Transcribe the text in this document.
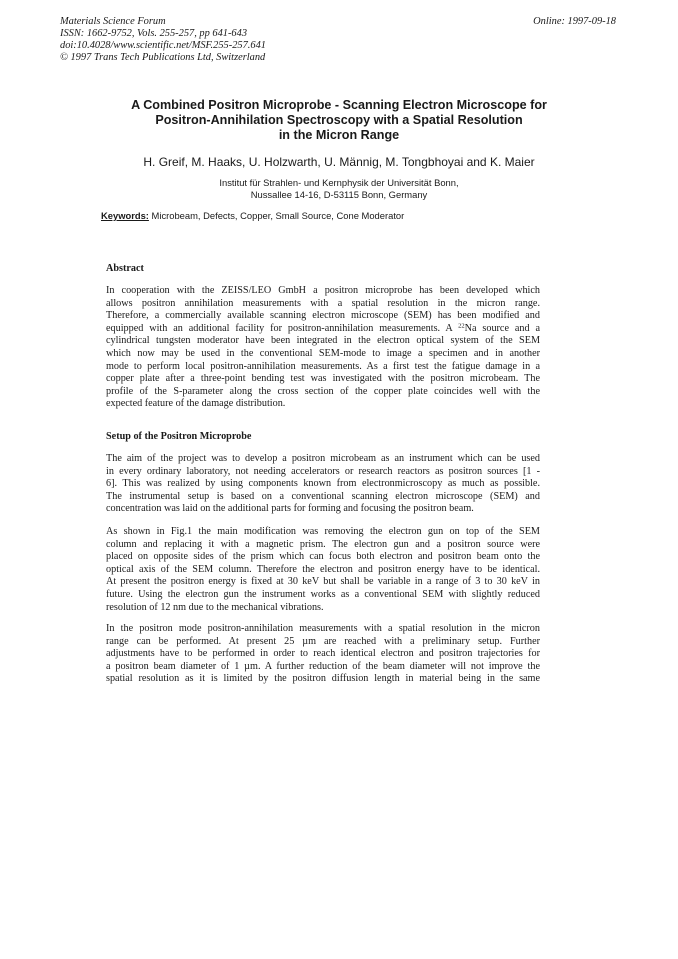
Materials Science Forum
ISSN: 1662-9752, Vols. 255-257, pp 641-643
doi:10.4028/www.scientific.net/MSF.255-257.641
© 1997 Trans Tech Publications Ltd, Switzerland
Online: 1997-09-18
A Combined Positron Microprobe - Scanning Electron Microscope for
Positron-Annihilation Spectroscopy with a Spatial Resolution
in the Micron Range
H. Greif, M. Haaks, U. Holzwarth, U. Männig, M. Tongbhoyai and K. Maier
Institut für Strahlen- und Kernphysik der Universität Bonn,
Nussallee 14-16, D-53115 Bonn, Germany
Keywords: Microbeam, Defects, Copper, Small Source, Cone Moderator
Abstract
In cooperation with the ZEISS/LEO GmbH a positron microprobe has been developed which
allows positron annihilation measurements with a spatial resolution in the micron range.
Therefore, a commercially available scanning electron microscope (SEM) has been modified and
equipped with an additional facility for positron-annihilation measurements. A $^{22}$Na source and a
cylindrical tungsten moderator have been integrated in the electron optical system of the SEM
which now may be used in the conventional SEM-mode to image a specimen and in another
mode to perform local positron-annihilation measurements. As a first test the fatigue damage in a
copper plate after a three-point bending test was investigated with the positron microbeam. The
profile of the S-parameter along the cross section of the copper plate coincides well with the
expected feature of the damage distribution.
Setup of the Positron Microprobe
The aim of the project was to develop a positron microbeam as an instrument which can be used
in every ordinary laboratory, not needing accelerators or research reactors as positron sources [1 -
6]. This was realized by using components known from electronmicroscopy as much as possible.
The instrumental setup is based on a conventional scanning electron microscope (SEM) and
concentration was laid on the additional parts for forming and focusing the positron beam.
As shown in Fig.1 the main modification was removing the electron gun on top of the SEM
column and replacing it with a magnetic prism. The electron gun and a positron source were
placed on opposite sides of the prism which can focus both electron and positron beam onto the
optical axis of the SEM column. Therefore the electron and positron energy have to be identical.
At present the positron energy is fixed at 30 keV but shall be variable in a range of 3 to 30 keV in
future. Using the electron gun the instrument works as a conventional SEM with slightly reduced
resolution of 12 nm due to the mechanical vibrations.
In the positron mode positron-annihilation measurements with a spatial resolution in the micron
range can be performed. At present 25 µm are reached with a preliminary setup. Further
adjustments have to be performed in order to reach identical electron and positron trajectories for
a positron beam diameter of 1 µm. A further reduction of the beam diameter will not improve the
spatial resolution as it is limited by the positron diffusion length in material being in the same
